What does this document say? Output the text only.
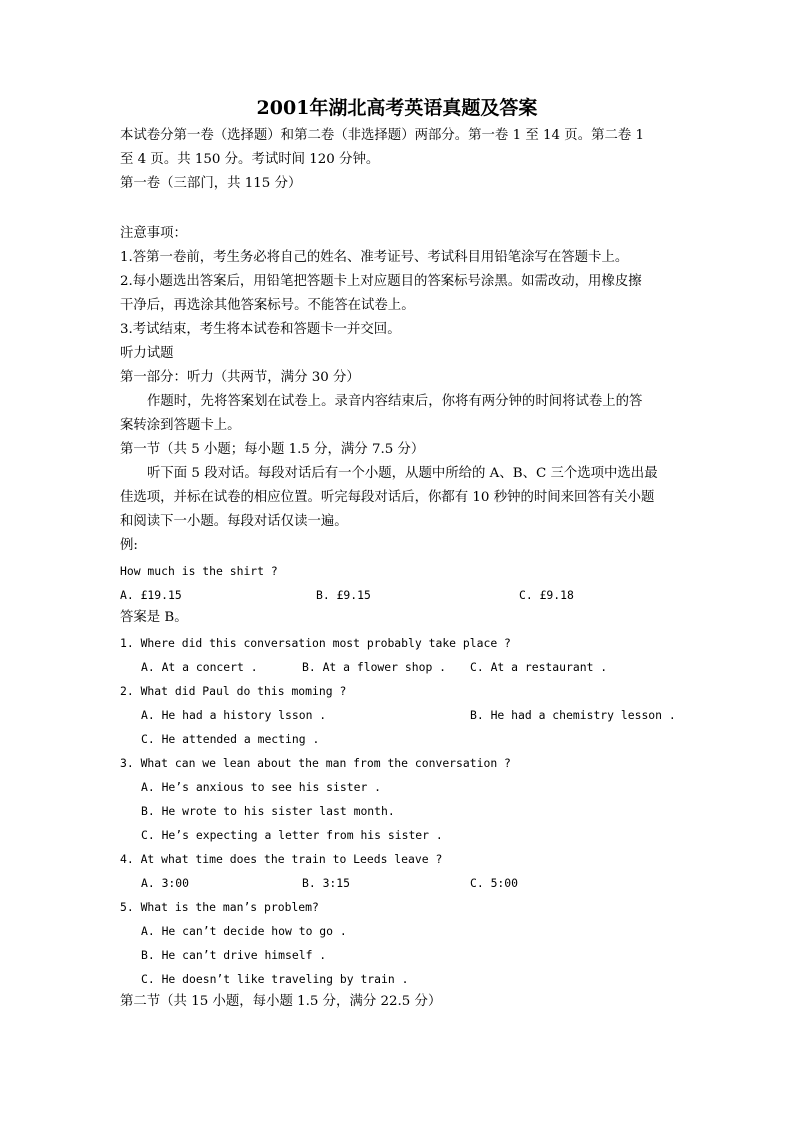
2001年湖北高考英语真题及答案
本试卷分第一卷（选择题）和第二卷（非选择题）两部分。第一卷 1 至 14 页。第二卷 1
至 4 页。共 150 分。考试时间 120 分钟。
第一卷（三部门，共 115 分）
注意事项：
1.答第一卷前，考生务必将自己的姓名、准考证号、考试科目用铅笔涂写在答题卡上。
2.每小题选出答案后，用铅笔把答题卡上对应题目的答案标号涂黑。如需改动，用橡皮擦
干净后，再选涂其他答案标号。不能答在试卷上。
3.考试结束，考生将本试卷和答题卡一并交回。
听力试题
第一部分：听力（共两节，满分 30 分）
作题时，先将答案划在试卷上。录音内容结束后，你将有两分钟的时间将试卷上的答
案转涂到答题卡上。
第一节（共 5 小题；每小题 1.5 分，满分 7.5 分）
听下面 5 段对话。每段对话后有一个小题，从题中所给的 A、B、C 三个选项中选出最
佳选项，并标在试卷的相应位置。听完每段对话后，你都有 10 秒钟的时间来回答有关小题
和阅读下一小题。每段对话仅读一遍。
例:
How much is the shirt ?
A. £19.15	B. £9.15	C. £9.18
答案是 B。
1. Where did this conversation most probably take place ?
A. At a concert .	B. At a flower shop . C. At a restaurant .
2. What did Paul do this moming ?
A. He had a history lsson .	B. He had a chemistry lesson .
C. He attended a mecting .
3. What can we lean about the man from the conversation ?
A. He’s anxious to see his sister .
B. He wrote to his sister last month.
C. He’s expecting a letter from his sister .
4. At what time does the train to Leeds leave ?
A. 3:00	B. 3:15	C. 5:00
5. What is the man’s problem?
A. He can’t decide how to go .
B. He can’t drive himself .
C. He doesn’t like traveling by train .
第二节（共 15 小题，每小题 1.5 分，满分 22.5 分）
